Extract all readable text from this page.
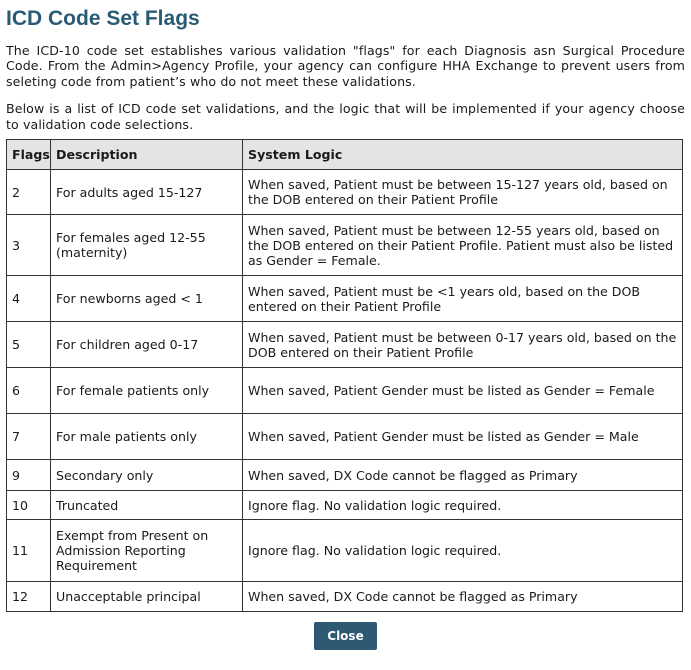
ICD Code Set Flags

The ICD-10 code set establishes various validation "flags" for each Diagnosis asn Surgical Procedure Code. From the Admin>Agency Profile, your agency can configure HHA Exchange to prevent users from seleting code from patient’s who do not meet these validations.

Below is a list of ICD code set validations, and the logic that will be implemented if your agency choose to validation code selections.

Flags	Description	System Logic
2	For adults aged 15-127	When saved, Patient must be between 15-127 years old, based on the DOB entered on their Patient Profile
3	For females aged 12-55 (maternity)	When saved, Patient must be between 12-55 years old, based on the DOB entered on their Patient Profile. Patient must also be listed as Gender = Female.
4	For newborns aged < 1	When saved, Patient must be <1 years old, based on the DOB entered on their Patient Profile
5	For children aged 0-17	When saved, Patient must be between 0-17 years old, based on the DOB entered on their Patient Profile
6	For female patients only	When saved, Patient Gender must be listed as Gender = Female
7	For male patients only	When saved, Patient Gender must be listed as Gender = Male
9	Secondary only	When saved, DX Code cannot be flagged as Primary
10	Truncated	Ignore flag. No validation logic required.
11	Exempt from Present on Admission Reporting Requirement	Ignore flag. No validation logic required.
12	Unacceptable principal	When saved, DX Code cannot be flagged as Primary
Close
